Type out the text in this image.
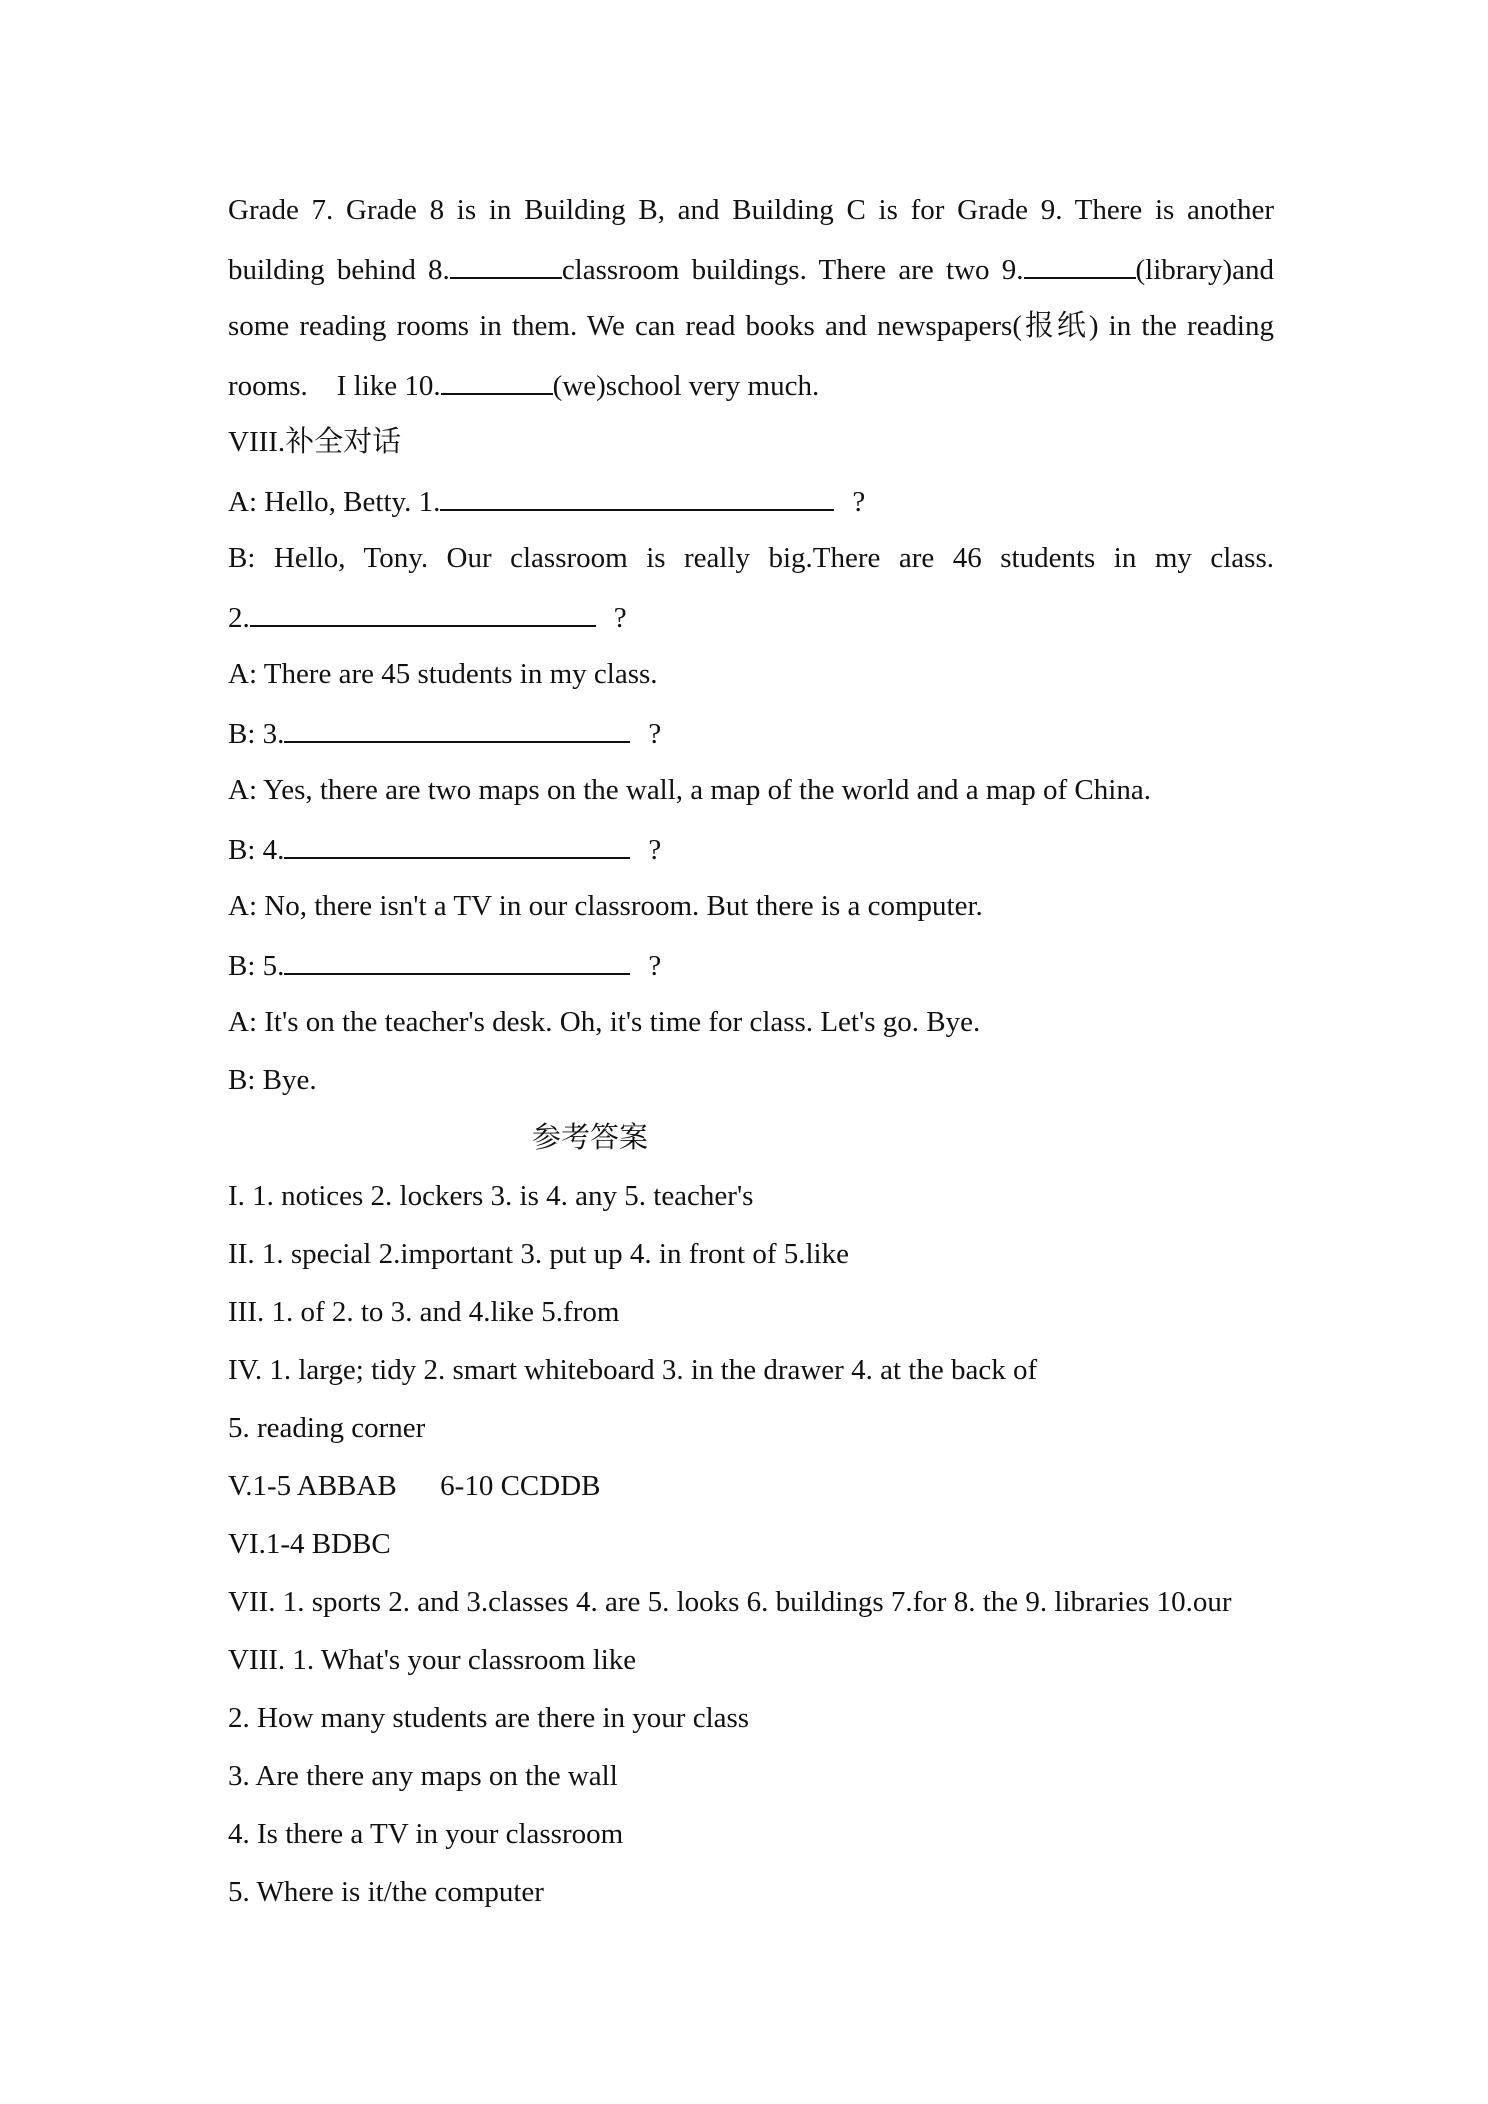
Grade 7. Grade 8 is in Building B, and Building C is for Grade 9. There is another
building behind 8.	classroom buildings. There are two 9.	(library)and
some reading rooms in them. We can read books and newspapers(报纸) in the reading
rooms.    I like 10.	(we)school very much.
VIII.补全对话
A: Hello, Betty. 1.	?
B: Hello, Tony. Our classroom is really big.There are 46 students in my class.
2.	?
A: There are 45 students in my class.
B: 3.	?
A: Yes, there are two maps on the wall, a map of the world and a map of China.
B: 4.	?
A: No, there isn't a TV in our classroom. But there is a computer.
B: 5.	?
A: It's on the teacher's desk. Oh, it's time for class. Let's go. Bye.
B: Bye.
参考答案
I. 1. notices 2. lockers 3. is 4. any 5. teacher's
II. 1. special 2.important 3. put up 4. in front of 5.like
III. 1. of 2. to 3. and 4.like 5.from
IV. 1. large; tidy 2. smart whiteboard 3. in the drawer 4. at the back of
5. reading corner
V.1-5 ABBAB      6-10 CCDDB
VI.1-4 BDBC
VII. 1. sports 2. and 3.classes 4. are 5. looks 6. buildings 7.for 8. the 9. libraries 10.our
VIII. 1. What's your classroom like
2. How many students are there in your class
3. Are there any maps on the wall
4. Is there a TV in your classroom
5. Where is it/the computer
